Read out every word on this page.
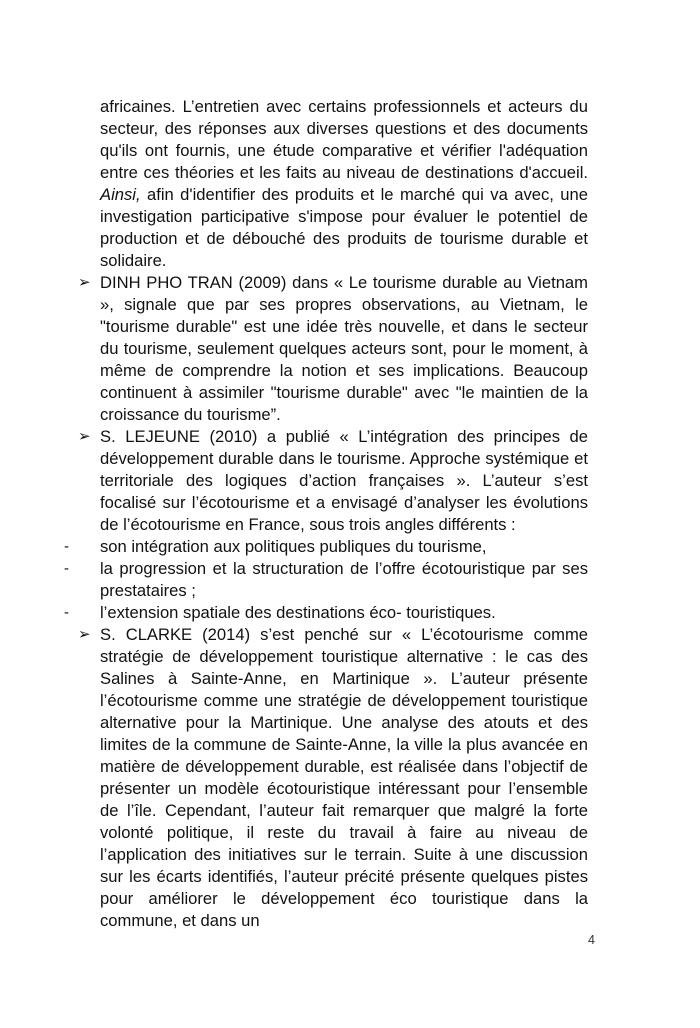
africaines. L’entretien avec certains professionnels et acteurs du secteur, des réponses aux diverses questions et des documents qu'ils ont fournis, une étude comparative et vérifier l'adéquation entre ces théories et les faits au niveau de destinations d'accueil. Ainsi, afin d'identifier des produits et le marché qui va avec, une investigation participative s'impose pour évaluer le potentiel de production et de débouché des produits de tourisme durable et solidaire.

➢ DINH PHO TRAN (2009) dans « Le tourisme durable au Vietnam », signale que par ses propres observations, au Vietnam, le "tourisme durable" est une idée très nouvelle, et dans le secteur du tourisme, seulement quelques acteurs sont, pour le moment, à même de comprendre la notion et ses implications. Beaucoup continuent à assimiler "tourisme durable" avec "le maintien de la croissance du tourisme”.

➢ S. LEJEUNE (2010) a publié « L’intégration des principes de développement durable dans le tourisme. Approche systémique et territoriale des logiques d’action françaises ». L’auteur s’est focalisé sur l’écotourisme et a envisagé d’analyser les évolutions de l’écotourisme en France, sous trois angles différents :

- son intégration aux politiques publiques du tourisme,

- la progression et la structuration de l’offre écotouristique par ses prestataires ;

- l’extension spatiale des destinations éco- touristiques.

➢ S. CLARKE (2014) s’est penché sur « L’écotourisme comme stratégie de développement touristique alternative : le cas des Salines à Sainte-Anne, en Martinique ». L’auteur présente l’écotourisme comme une stratégie de développement touristique alternative pour la Martinique. Une analyse des atouts et des limites de la commune de Sainte-Anne, la ville la plus avancée en matière de développement durable, est réalisée dans l’objectif de présenter un modèle écotouristique intéressant pour l’ensemble de l’île. Cependant, l’auteur fait remarquer que malgré la forte volonté politique, il reste du travail à faire au niveau de l’application des initiatives sur le terrain. Suite à une discussion sur les écarts identifiés, l’auteur précité présente quelques pistes pour améliorer le développement éco touristique dans la commune, et dans un

4
